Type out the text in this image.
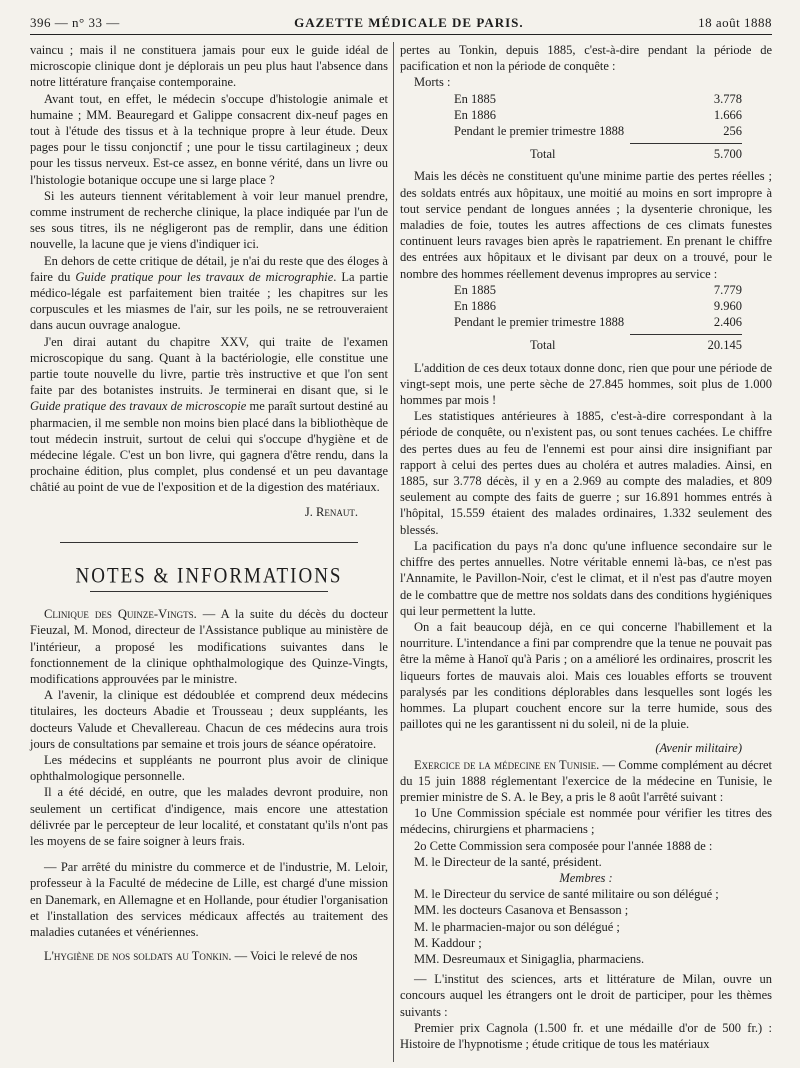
396 — n° 33 —	GAZETTE MÉDICALE DE PARIS.	18 août 1888

vaincu ; mais il ne constituera jamais pour eux le guide idéal de microscopie clinique dont je déplorais un peu plus haut l'absence dans notre littérature française contemporaine.

Avant tout, en effet, le médecin s'occupe d'histologie animale et humaine ; MM. Beauregard et Galippe consacrent dix-neuf pages en tout à l'étude des tissus et à la technique propre à leur étude. Deux pages pour le tissu conjonctif ; une pour le tissu cartilagineux ; deux pour les tissus nerveux. Est-ce assez, en bonne vérité, dans un livre ou l'histologie botanique occupe une si large place ?

Si les auteurs tiennent véritablement à voir leur manuel prendre, comme instrument de recherche clinique, la place indiquée par l'un de ses sous titres, ils ne négligeront pas de remplir, dans une édition nouvelle, la lacune que je viens d'indiquer ici.

En dehors de cette critique de détail, je n'ai du reste que des éloges à faire du Guide pratique pour les travaux de micrographie. La partie médico-légale est parfaitement bien traitée ; les chapitres sur les corpuscules et les miasmes de l'air, sur les poils, ne se retrouveraient dans aucun ouvrage analogue.

J'en dirai autant du chapitre XXV, qui traite de l'examen microscopique du sang. Quant à la bactériologie, elle constitue une partie toute nouvelle du livre, partie très instructive et que l'on sent faite par des botanistes instruits. Je terminerai en disant que, si le Guide pratique des travaux de microscopie me paraît surtout destiné au pharmacien, il me semble non moins bien placé dans la bibliothèque de tout médecin instruit, surtout de celui qui s'occupe d'hygiène et de médecine légale. C'est un bon livre, qui gagnera d'être rendu, dans la prochaine édition, plus complet, plus condensé et un peu davantage châtié au point de vue de l'exposition et de la digestion des matériaux.

J. Renaut.

NOTES & INFORMATIONS

Clinique des Quinze-Vingts. — A la suite du décès du docteur Fieuzal, M. Monod, directeur de l'Assistance publique au ministère de l'intérieur, a proposé les modifications suivantes dans le fonctionnement de la clinique ophthalmologique des Quinze-Vingts, modifications approuvées par le ministre.

A l'avenir, la clinique est dédoublée et comprend deux médecins titulaires, les docteurs Abadie et Trousseau ; deux suppléants, les docteurs Valude et Chevallereau. Chacun de ces médecins aura trois jours de consultations par semaine et trois jours de séance opératoire.

Les médecins et suppléants ne pourront plus avoir de clinique ophthalmologique personnelle.

Il a été décidé, en outre, que les malades devront produire, non seulement un certificat d'indigence, mais encore une attestation délivrée par le percepteur de leur localité, et constatant qu'ils n'ont pas les moyens de se faire soigner à leurs frais.

— Par arrêté du ministre du commerce et de l'industrie, M. Leloir, professeur à la Faculté de médecine de Lille, est chargé d'une mission en Danemark, en Allemagne et en Hollande, pour étudier l'organisation et l'installation des services médicaux affectés au traitement des maladies cutanées et vénériennes.

L'hygiène de nos soldats au Tonkin. — Voici le relevé de nos

pertes au Tonkin, depuis 1885, c'est-à-dire pendant la période de pacification et non la période de conquête :

Morts :

En 1885	3.778
En 1886	1.666
Pendant le premier trimestre 1888	256
Total	5.700

Mais les décès ne constituent qu'une minime partie des pertes réelles ; des soldats entrés aux hôpitaux, une moitié au moins en sort impropre à tout service pendant de longues années ; la dysenterie chronique, les maladies de foie, toutes les autres affections de ces climats funestes continuent leurs ravages bien après le rapatriement. En prenant le chiffre des entrées aux hôpitaux et le divisant par deux on a trouvé, pour le nombre des hommes réellement devenus impropres au service :

En 1885	7.779
En 1886	9.960
Pendant le premier trimestre 1888	2.406
Total	20.145

L'addition de ces deux totaux donne donc, rien que pour une période de vingt-sept mois, une perte sèche de 27.845 hommes, soit plus de 1.000 hommes par mois !

Les statistiques antérieures à 1885, c'est-à-dire correspondant à la période de conquête, ou n'existent pas, ou sont tenues cachées. Le chiffre des pertes dues au feu de l'ennemi est pour ainsi dire insignifiant par rapport à celui des pertes dues au choléra et autres maladies. Ainsi, en 1885, sur 3.778 décès, il y en a 2.969 au compte des maladies, et 809 seulement au compte des faits de guerre ; sur 16.891 hommes entrés à l'hôpital, 15.559 étaient des malades ordinaires, 1.332 seulement des blessés.

La pacification du pays n'a donc qu'une influence secondaire sur le chiffre des pertes annuelles. Notre véritable ennemi là-bas, ce n'est pas l'Annamite, le Pavillon-Noir, c'est le climat, et il n'est pas d'autre moyen de le combattre que de mettre nos soldats dans des conditions hygiéniques qui leur permettent la lutte.

On a fait beaucoup déjà, en ce qui concerne l'habillement et la nourriture. L'intendance a fini par comprendre que la tenue ne pouvait pas être la même à Hanoï qu'à Paris ; on a amélioré les ordinaires, proscrit les liqueurs fortes de mauvais aloi. Mais ces louables efforts se trouvent paralysés par les conditions déplorables dans lesquelles sont logés les hommes. La plupart couchent encore sur la terre humide, sous des paillotes qui ne les garantissent ni du soleil, ni de la pluie.

(Avenir militaire)

Exercice de la médecine en Tunisie. — Comme complément au décret du 15 juin 1888 réglementant l'exercice de la médecine en Tunisie, le premier ministre de S. A. le Bey, a pris le 8 août l'arrêté suivant :

1o Une Commission spéciale est nommée pour vérifier les titres des médecins, chirurgiens et pharmaciens ;

2o Cette Commission sera composée pour l'année 1888 de :

M. le Directeur de la santé, président.

Membres :

M. le Directeur du service de santé militaire ou son délégué ;

MM. les docteurs Casanova et Bensasson ;

M. le pharmacien-major ou son délégué ;

M. Kaddour ;

MM. Desreumaux et Sinigaglia, pharmaciens.

— L'institut des sciences, arts et littérature de Milan, ouvre un concours auquel les étrangers ont le droit de participer, pour les thèmes suivants :

Premier prix Cagnola (1.500 fr. et une médaille d'or de 500 fr.) : Histoire de l'hypnotisme ; étude critique de tous les matériaux
